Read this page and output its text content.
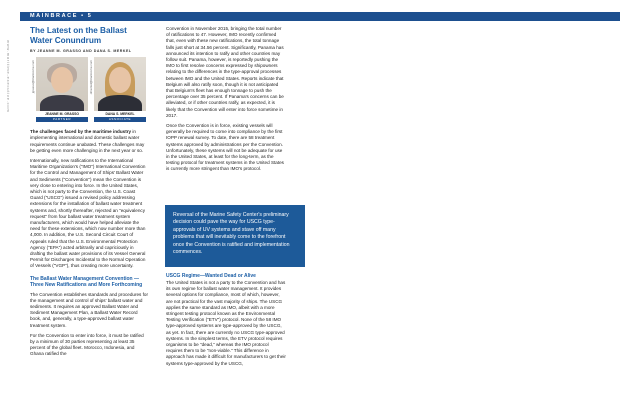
MAINBRACE • 5
www.maritime-executive.com
The Latest on the Ballast Water Conundrum
BY JEANNE M. GRASSO AND DANA S. MERKEL
jgrasso@blankrome.com	dmerkel@blankrome.com
JEANNE M. GRASSO
PARTNER
DANA S. MERKEL
ASSOCIATE
The challenges faced by the maritime industry in implementing international and domestic ballast water requirements continue unabated. These challenges may be getting even more challenging in the next year or so.
Internationally, new ratifications to the International Maritime Organization's ("IMO") International Convention for the Control and Management of Ships' Ballast Water and Sediments ("Convention") mean the Convention is very close to entering into force. In the United States, which is not party to the Convention, the U.S. Coast Guard ("USCG") issued a revised policy addressing extensions for the installation of ballast water treatment systems and, shortly thereafter, rejected an "equivalency request" from four ballast water treatment system manufacturers, which would have helped alleviate the need for these extensions, which now number more than 4,000. In addition, the U.S. Second Circuit Court of Appeals ruled that the U.S. Environmental Protection Agency ("EPA") acted arbitrarily and capriciously in drafting the ballast water provisions of its Vessel General Permit for Discharges Incidental to the Normal Operation of Vessels ("VGP"), thus creating more uncertainty.
The Ballast Water Management Convention —Three New Ratifications and More Forthcoming
The Convention establishes standards and procedures for the management and control of ships' ballast water and sediments. It requires an approved Ballast Water and Sediment Management Plan, a Ballast Water Record book, and, generally, a type-approved ballast water treatment system.
For the Convention to enter into force, it must be ratified by a minimum of 30 parties representing at least 35 percent of the global fleet. Morocco, Indonesia, and Ghana ratified the
Convention in November 2015, bringing the total number of ratifications to 47. However, IMO recently confirmed that, even with these new ratifications, the total tonnage falls just short at 34.56 percent. Significantly, Panama has announced its intention to ratify and other countries may follow suit. Panama, however, is reportedly pushing the IMO to first resolve concerns expressed by shipowners relating to the differences in the type-approval processes between IMO and the United States. Reports indicate that Belgium will also ratify soon, though it is not anticipated that Belgium's fleet has enough tonnage to push the percentage over 35 percent. If Panama's concerns can be alleviated, or if other countries ratify, as expected, it is likely that the Convention will enter into force sometime in 2017.
Once the Convention is in force, existing vessels will generally be required to come into compliance by the first IOPP renewal survey. To date, there are 58 treatment systems approved by administrations per the Convention. Unfortunately, these systems will not be adequate for use in the United States, at least for the long-term, as the testing protocol for treatment systems in the United States is currently more stringent than IMO's protocol.
Reversal of the Marine Safety Center's preliminary decision could pave the way for USCG type-approvals of UV systems and stave off many problems that will inevitably come to the forefront once the Convention is ratified and implementation commences.
USCG Regime—Wanted Dead or Alive
The United States is not a party to the Convention and has its own regime for ballast water management. It provides several options for compliance, most of which, however, are not practical for the vast majority of ships. The USCG applies the same standard as IMO, albeit with a more stringent testing protocol known as the Environmental Testing Verification ("ETV") protocol. None of the 58 IMO type-approved systems are type-approved by the USCG, as yet. In fact, there are currently no USCG type-approved systems. In the simplest terms, the ETV protocol requires organisms to be "dead," whereas the IMO protocol requires them to be "non-viable." This difference in approach has made it difficult for manufacturers to get their systems type-approved by the USCG,
